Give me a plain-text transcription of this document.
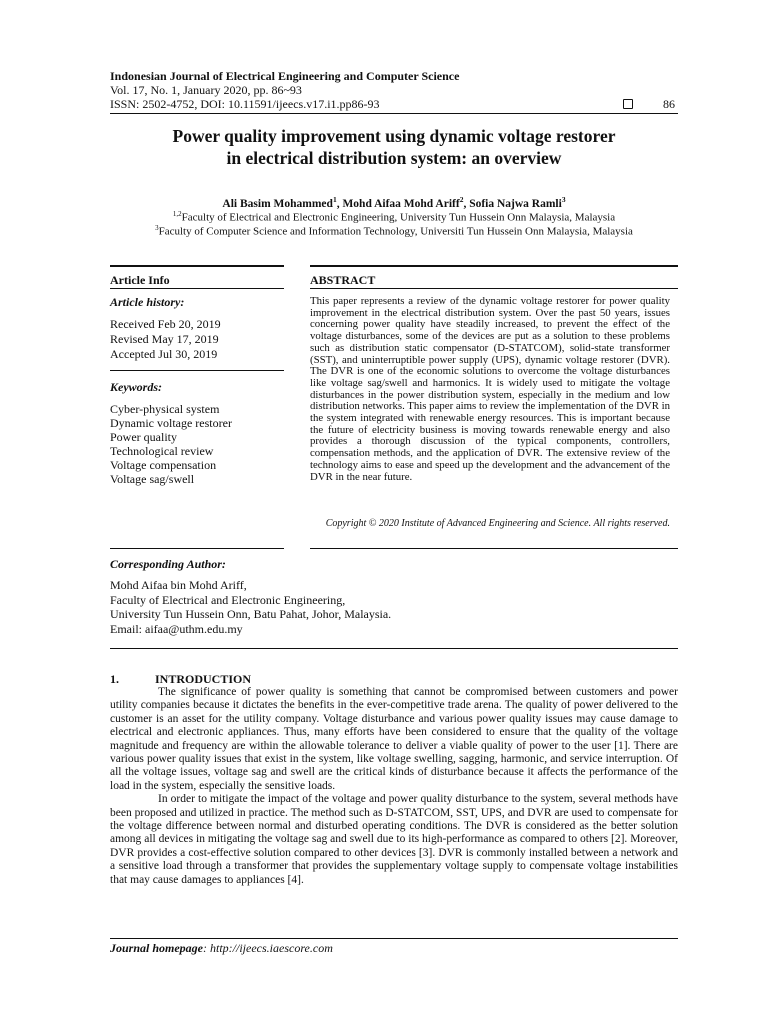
Indonesian Journal of Electrical Engineering and Computer Science
Vol. 17, No. 1, January 2020, pp. 86~93
ISSN: 2502-4752, DOI: 10.11591/ijeecs.v17.i1.pp86-93	86
Power quality improvement using dynamic voltage restorer
in electrical distribution system: an overview
Ali Basim Mohammed$^1$, Mohd Aifaa Mohd Ariff$^2$, Sofia Najwa Ramli$^3$
$^{1,2}$Faculty of Electrical and Electronic Engineering, University Tun Hussein Onn Malaysia, Malaysia
$^3$Faculty of Computer Science and Information Technology, Universiti Tun Hussein Onn Malaysia, Malaysia
Article Info	ABSTRACT
Article history:
Received Feb 20, 2019
Revised May 17, 2019
Accepted Jul 30, 2019
Keywords:
Cyber-physical system
Dynamic voltage restorer
Power quality
Technological review
Voltage compensation
Voltage sag/swell
This paper represents a review of the dynamic voltage restorer for power quality improvement in the electrical distribution system. Over the past 50 years, issues concerning power quality have steadily increased, to prevent the effect of the voltage disturbances, some of the devices are put as a solution to these problems such as distribution static compensator (D-STATCOM), solid-state transformer (SST), and uninterruptible power supply (UPS), dynamic voltage restorer (DVR). The DVR is one of the economic solutions to overcome the voltage disturbances like voltage sag/swell and harmonics. It is widely used to mitigate the voltage disturbances in the power distribution system, especially in the medium and low distribution networks. This paper aims to review the implementation of the DVR in the system integrated with renewable energy resources. This is important because the future of electricity business is moving towards renewable energy and also provides a thorough discussion of the typical components, controllers, compensation methods, and the application of DVR. The extensive review of the technology aims to ease and speed up the development and the advancement of the DVR in the near future.
Copyright © 2020 Institute of Advanced Engineering and Science. All rights reserved.
Corresponding Author:
Mohd Aifaa bin Mohd Ariff,
Faculty of Electrical and Electronic Engineering,
University Tun Hussein Onn, Batu Pahat, Johor, Malaysia.
Email: aifaa@uthm.edu.my
1.	INTRODUCTION

The significance of power quality is something that cannot be compromised between customers and power utility companies because it dictates the benefits in the ever-competitive trade arena. The quality of power delivered to the customer is an asset for the utility company. Voltage disturbance and various power quality issues may cause damage to electrical and electronic appliances. Thus, many efforts have been considered to ensure that the quality of the voltage magnitude and frequency are within the allowable tolerance to deliver a viable quality of power to the user [1]. There are various power quality issues that exist in the system, like voltage swelling, sagging, harmonic, and service interruption. Of all the voltage issues, voltage sag and swell are the critical kinds of disturbance because it affects the performance of the load in the system, especially the sensitive loads.

In order to mitigate the impact of the voltage and power quality disturbance to the system, several methods have been proposed and utilized in practice. The method such as D-STATCOM, SST, UPS, and DVR are used to compensate for the voltage difference between normal and disturbed operating conditions. The DVR is considered as the better solution among all devices in mitigating the voltage sag and swell due to its high-performance as compared to others [2]. Moreover, DVR provides a cost-effective solution compared to other devices [3]. DVR is commonly installed between a network and a sensitive load through a transformer that provides the supplementary voltage supply to compensate voltage instabilities that may cause damages to appliances [4].

Journal homepage: http://ijeecs.iaescore.com
